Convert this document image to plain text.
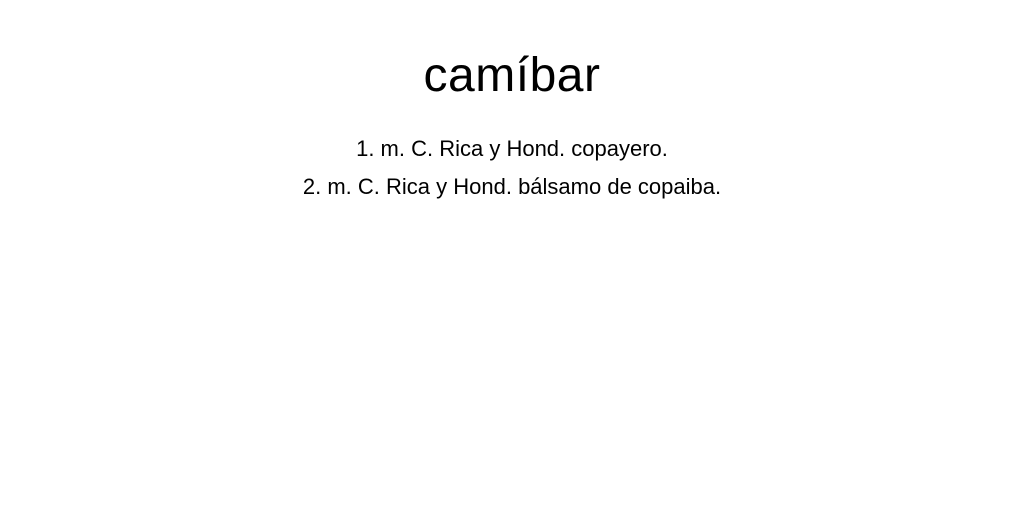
camíbar
1. m. C. Rica y Hond. copayero.
2. m. C. Rica y Hond. bálsamo de copaiba.
